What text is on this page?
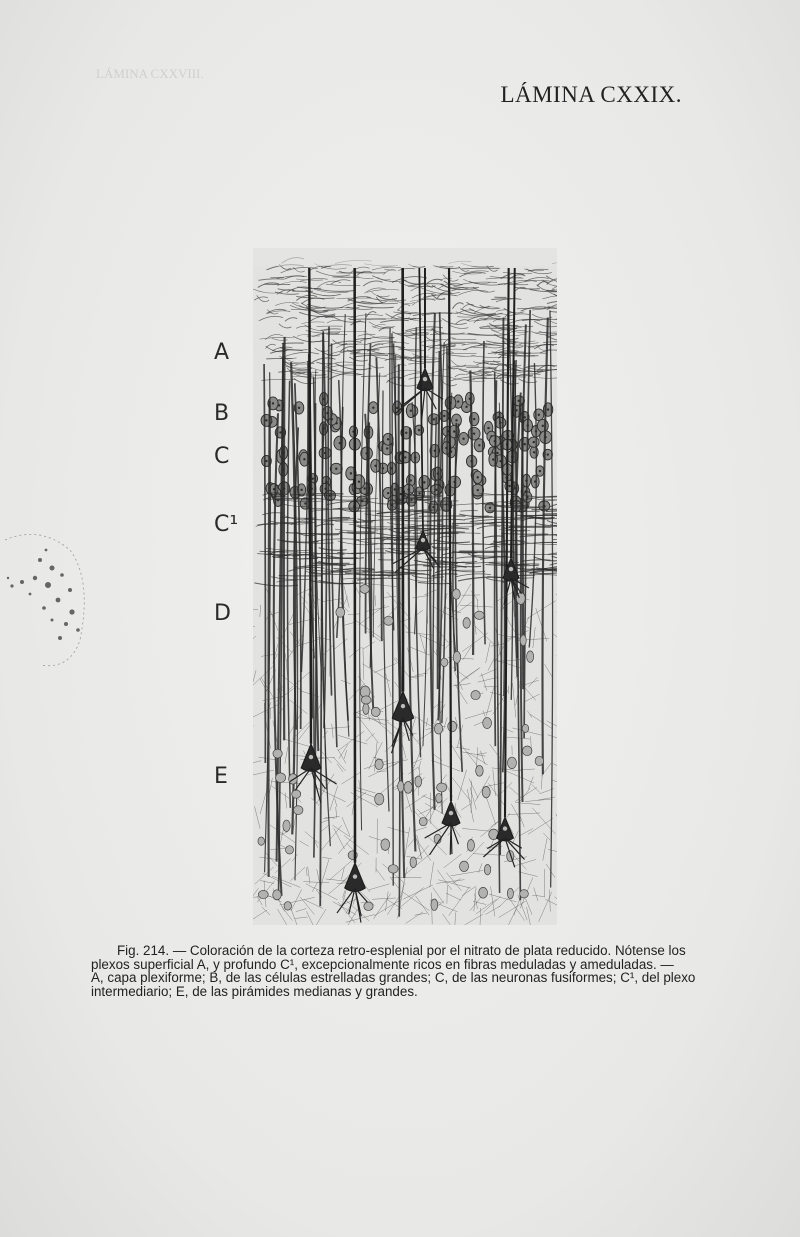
LÁMINA CXXVIII.
LÁMINA CXXIX.
A
B
C
C¹
D
E
Fig. 214. — Coloración de la corteza retro-esplenial por el nitrato de plata reducido. Nótense los
plexos superficial A, y profundo C¹, excepcionalmente ricos en fibras meduladas y ameduladas. —
A, capa plexiforme; B, de las células estrelladas grandes; C, de las neuronas fusiformes; C¹, del plexo
intermediario; E, de las pirámides medianas y grandes.
